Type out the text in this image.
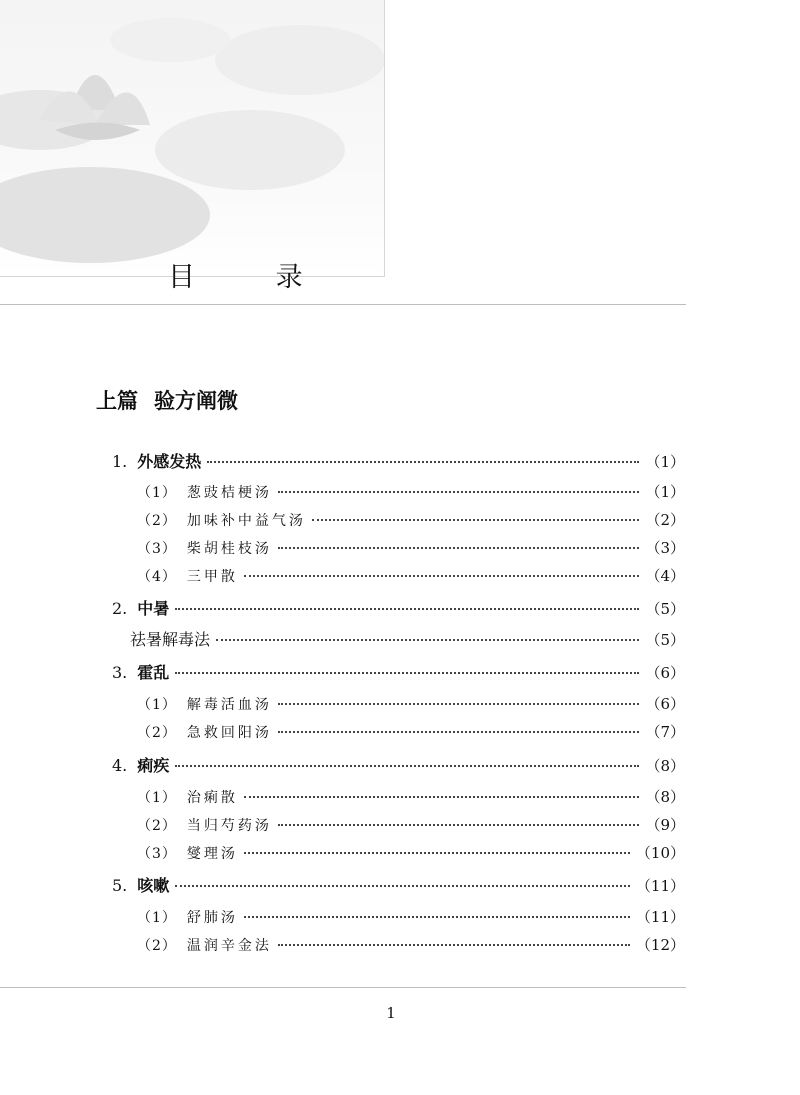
目 录
上篇 验方阐微
1. 外感发热	（1）
（1） 葱豉桔梗汤	（1）
（2） 加味补中益气汤	（2）
（3） 柴胡桂枝汤	（3）
（4） 三甲散	（4）
2. 中暑	（5）
祛暑解毒法	（5）
3. 霍乱	（6）
（1） 解毒活血汤	（6）
（2） 急救回阳汤	（7）
4. 痢疾	（8）
（1） 治痢散	（8）
（2） 当归芍药汤	（9）
（3） 燮理汤	（10）
5. 咳嗽	（11）
（1） 舒肺汤	（11）
（2） 温润辛金法	（12）
1
